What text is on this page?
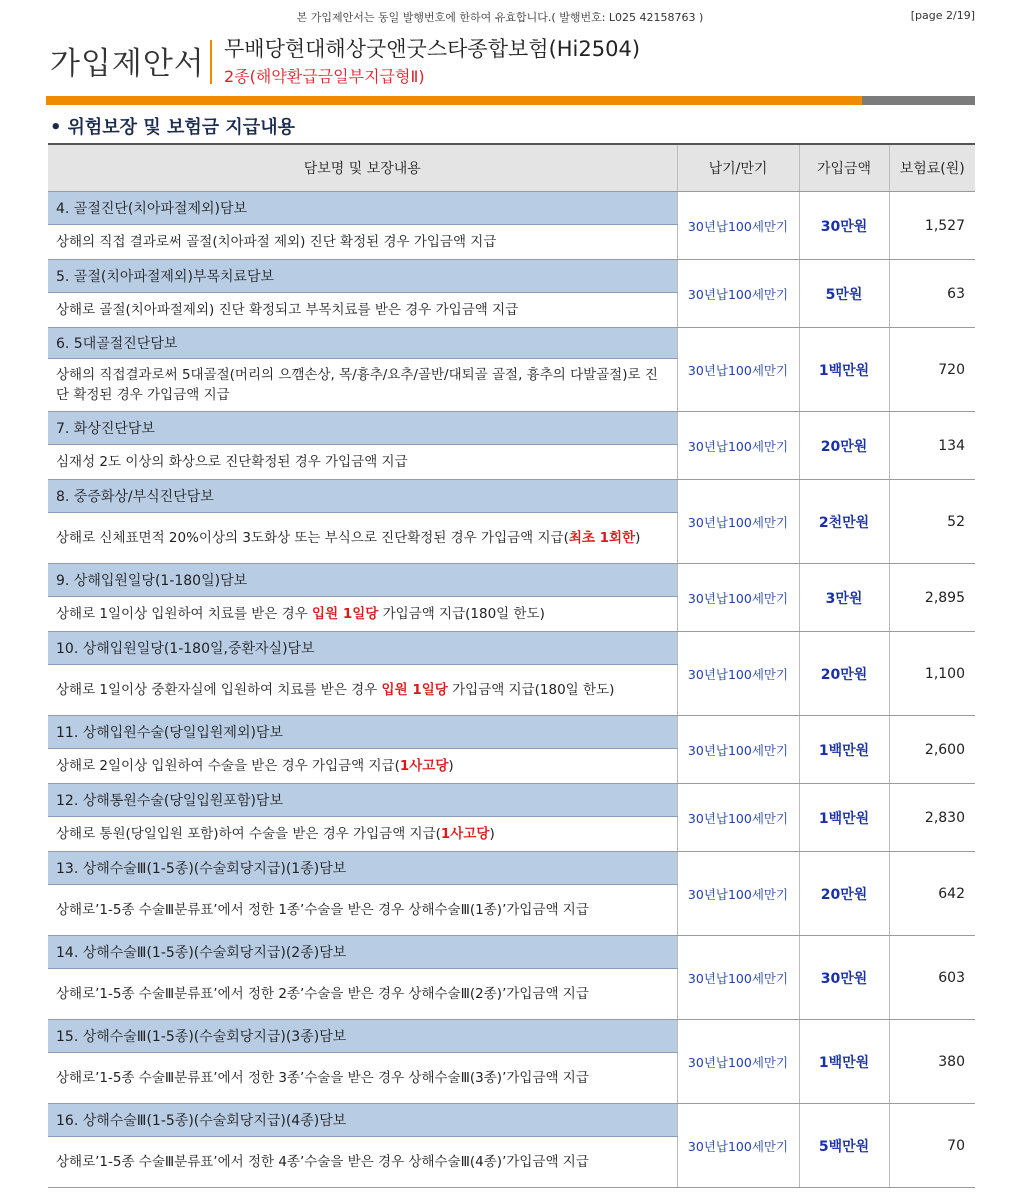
본 가입제안서는 동일 발행번호에 한하여 유효합니다.( 발행번호: L025 42158763 )	[page 2/19]
가입제안서 무배당현대해상굿앤굿스타종합보험(Hi2504)
2종(해약환급금일부지급형Ⅱ)
• 위험보장 및 보험금 지급내용
담보명 및 보장내용	납기/만기	가입금액	보험료(원)
4. 골절진단(치아파절제외)담보	30년납100세만기	30만원	1,527
상해의 직접 결과로써 골절(치아파절 제외) 진단 확정된 경우 가입금액 지급			
5. 골절(치아파절제외)부목치료담보	30년납100세만기	5만원	63
상해로 골절(치아파절제외) 진단 확정되고 부목치료를 받은 경우 가입금액 지급			
6. 5대골절진단담보	30년납100세만기	1백만원	720
상해의 직접결과로써 5대골절(머리의 으깸손상, 목/흉추/요추/골반/대퇴골 골절, 흉추의 다발골절)로 진단 확정된 경우 가입금액 지급			
7. 화상진단담보	30년납100세만기	20만원	134
심재성 2도 이상의 화상으로 진단확정된 경우 가입금액 지급			
8. 중증화상/부식진단담보	30년납100세만기	2천만원	52
상해로 신체표면적 20%이상의 3도화상 또는 부식으로 진단확정된 경우 가입금액 지급(최초 1회한)			
9. 상해입원일당(1-180일)담보	30년납100세만기	3만원	2,895
상해로 1일이상 입원하여 치료를 받은 경우 입원 1일당 가입금액 지급(180일 한도)			
10. 상해입원일당(1-180일,중환자실)담보	30년납100세만기	20만원	1,100
상해로 1일이상 중환자실에 입원하여 치료를 받은 경우 입원 1일당 가입금액 지급(180일 한도)			
11. 상해입원수술(당일입원제외)담보	30년납100세만기	1백만원	2,600
상해로 2일이상 입원하여 수술을 받은 경우 가입금액 지급(1사고당)			
12. 상해통원수술(당일입원포함)담보	30년납100세만기	1백만원	2,830
상해로 통원(당일입원 포함)하여 수술을 받은 경우 가입금액 지급(1사고당)			
13. 상해수술Ⅲ(1-5종)(수술회당지급)(1종)담보	30년납100세만기	20만원	642
상해로’1-5종 수술Ⅲ분류표’에서 정한 1종’수술을 받은 경우 상해수술Ⅲ(1종)’가입금액 지급			
14. 상해수술Ⅲ(1-5종)(수술회당지급)(2종)담보	30년납100세만기	30만원	603
상해로’1-5종 수술Ⅲ분류표’에서 정한 2종’수술을 받은 경우 상해수술Ⅲ(2종)’가입금액 지급			
15. 상해수술Ⅲ(1-5종)(수술회당지급)(3종)담보	30년납100세만기	1백만원	380
상해로’1-5종 수술Ⅲ분류표’에서 정한 3종’수술을 받은 경우 상해수술Ⅲ(3종)’가입금액 지급			
16. 상해수술Ⅲ(1-5종)(수술회당지급)(4종)담보	30년납100세만기	5백만원	70
상해로’1-5종 수술Ⅲ분류표’에서 정한 4종’수술을 받은 경우 상해수술Ⅲ(4종)’가입금액 지급			
